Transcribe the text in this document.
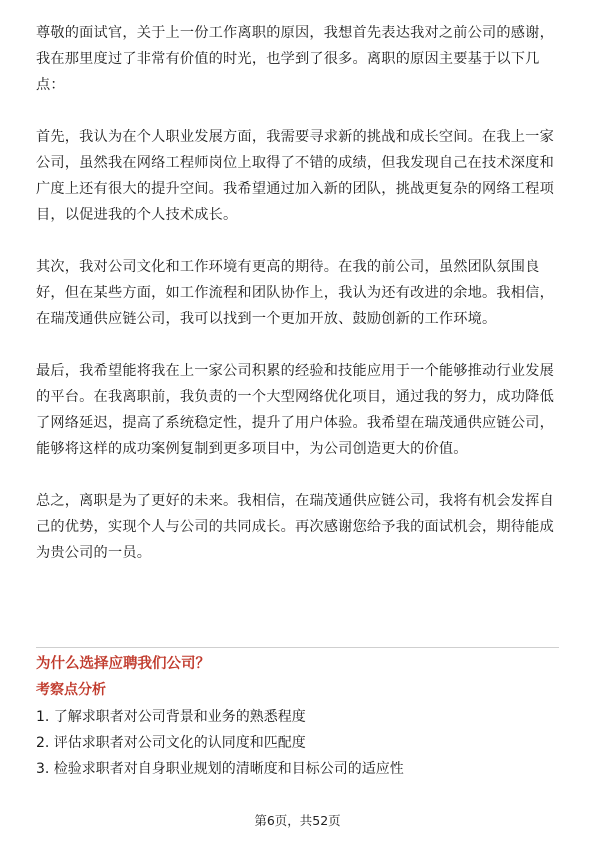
尊敬的面试官，关于上一份工作离职的原因，我想首先表达我对之前公司的感谢，
我在那里度过了非常有价值的时光，也学到了很多。离职的原因主要基于以下几
点：

首先，我认为在个人职业发展方面，我需要寻求新的挑战和成长空间。在我上一家
公司，虽然我在网络工程师岗位上取得了不错的成绩，但我发现自己在技术深度和
广度上还有很大的提升空间。我希望通过加入新的团队，挑战更复杂的网络工程项
目，以促进我的个人技术成长。

其次，我对公司文化和工作环境有更高的期待。在我的前公司，虽然团队氛围良
好，但在某些方面，如工作流程和团队协作上，我认为还有改进的余地。我相信，
在瑞茂通供应链公司，我可以找到一个更加开放、鼓励创新的工作环境。

最后，我希望能将我在上一家公司积累的经验和技能应用于一个能够推动行业发展
的平台。在我离职前，我负责的一个大型网络优化项目，通过我的努力，成功降低
了网络延迟，提高了系统稳定性，提升了用户体验。我希望在瑞茂通供应链公司，
能够将这样的成功案例复制到更多项目中，为公司创造更大的价值。

总之，离职是为了更好的未来。我相信，在瑞茂通供应链公司，我将有机会发挥自
己的优势，实现个人与公司的共同成长。再次感谢您给予我的面试机会，期待能成
为贵公司的一员。

为什么选择应聘我们公司？

考察点分析

1. 了解求职者对公司背景和业务的熟悉程度
2. 评估求职者对公司文化的认同度和匹配度
3. 检验求职者对自身职业规划的清晰度和目标公司的适应性
第6页，共52页
